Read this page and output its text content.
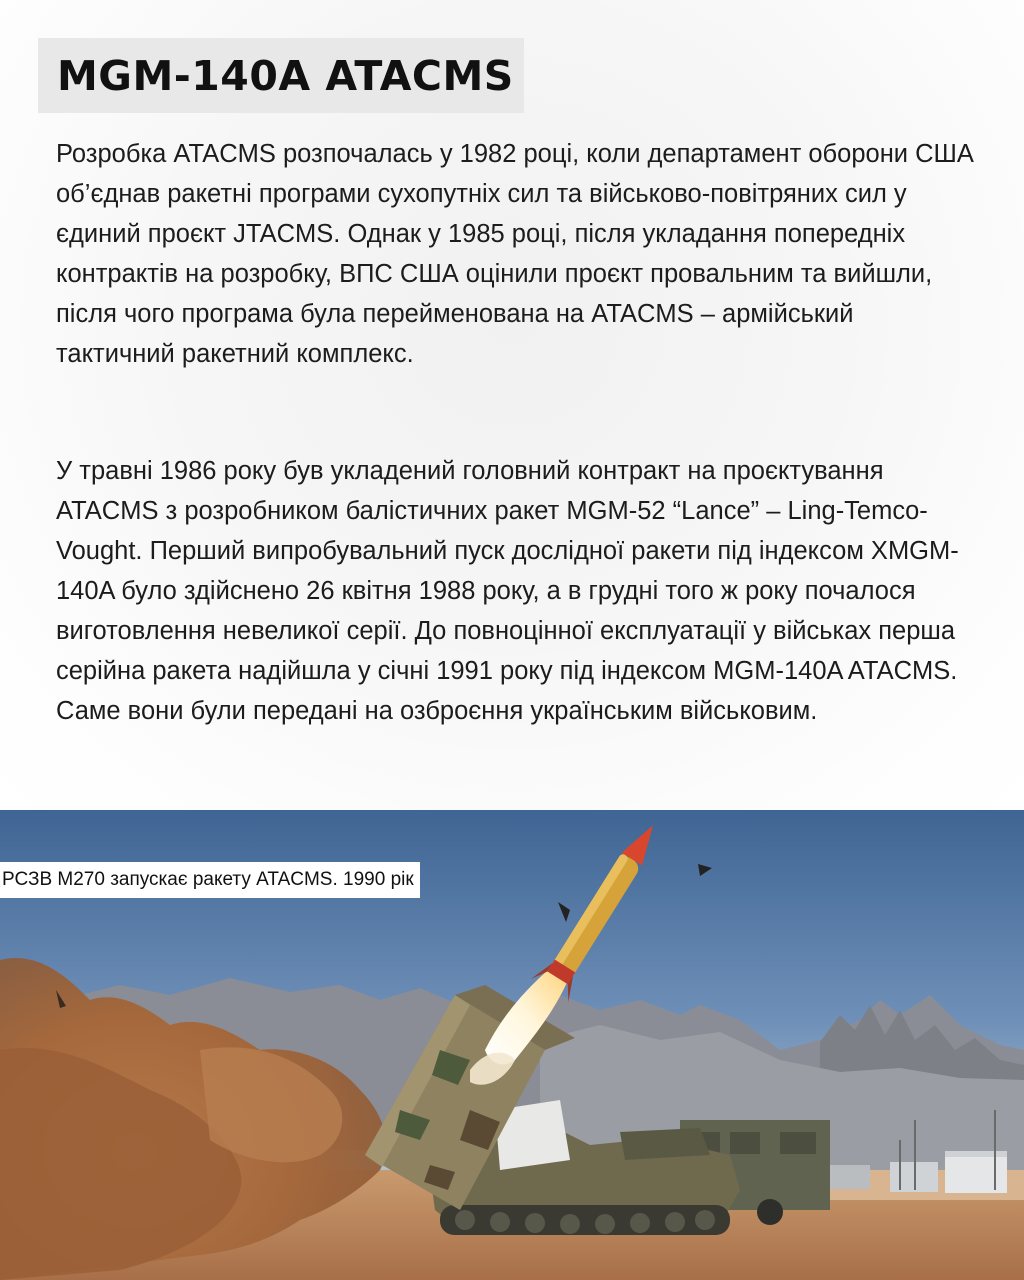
MGM-140A ATACMS

Розробка ATACMS розпочалась у 1982 році, коли департамент оборони США об’єднав ракетні програми сухопутніх сил та військово-повітряних сил у єдиний проєкт JTACMS. Однак у 1985 році, після укладання попередніх контрактів на розробку, ВПС США оцінили проєкт провальним та вийшли, після чого програма була перейменована на ATACMS – армійський тактичний ракетний комплекс.

У травні 1986 року був укладений головний контракт на проєктування ATACMS з розробником балістичних ракет MGM-52 “Lance” – Ling-Temco-Vought. Перший випробувальний пуск дослідної ракети під індексом XMGM-140A було здійснено 26 квітня 1988 року, а в грудні того ж року почалося виготовлення невеликої серії. До повноцінної експлуатації у військах перша серійна ракета надійшла у січні 1991 року під індексом MGM-140A ATACMS. Саме вони були передані на озброєння українським військовим.

РСЗВ М270 запускає ракету ATACMS. 1990 рік
